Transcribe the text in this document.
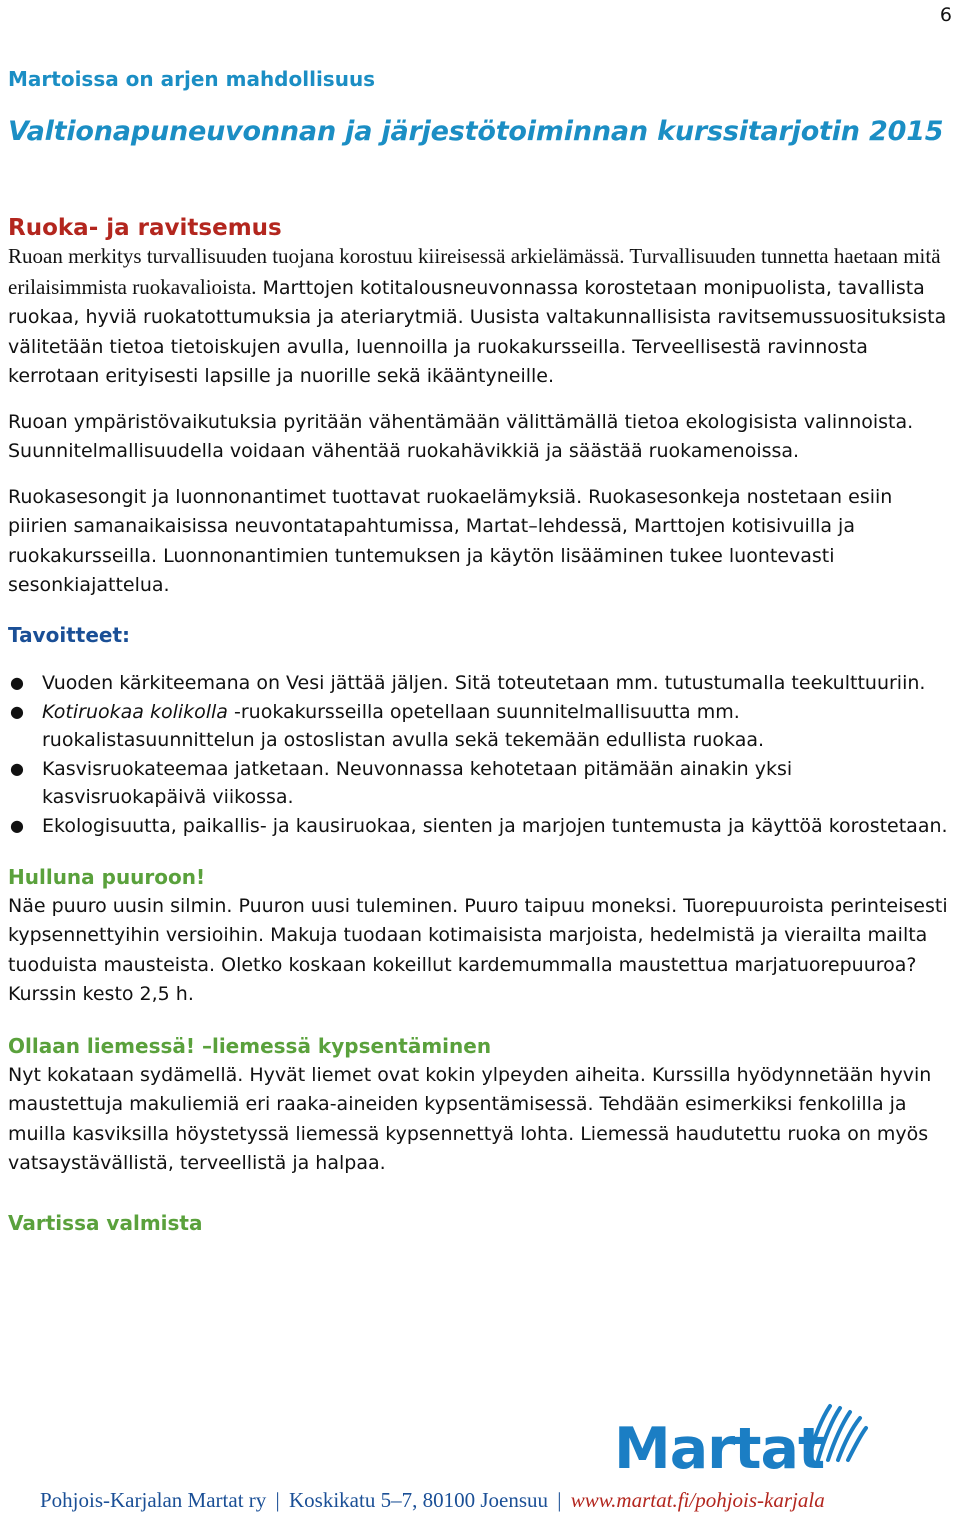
6
Martoissa on arjen mahdollisuus
Valtionapuneuvonnan ja järjestötoiminnan kurssitarjotin 2015
Ruoka- ja ravitsemus

Ruoan merkitys turvallisuuden tuojana korostuu kiireisessä arkielämässä. Turvallisuuden tunnetta haetaan mitä erilaisimmista ruokavalioista. Marttojen kotitalousneuvonnassa korostetaan monipuolista, tavallista ruokaa, hyviä ruokatottumuksia ja ateriarytmiä. Uusista valtakunnallisista ravitsemussuosituksista välitetään tietoa tietoiskujen avulla, luennoilla ja ruokakursseilla. Terveellisestä ravinnosta kerrotaan erityisesti lapsille ja nuorille sekä ikääntyneille.

Ruoan ympäristövaikutuksia pyritään vähentämään välittämällä tietoa ekologisista valinnoista. Suunnitelmallisuudella voidaan vähentää ruokahävikkiä ja säästää ruokamenoissa.

Ruokasesongit ja luonnonantimet tuottavat ruokaelämyksiä. Ruokasesonkeja nostetaan esiin piirien samanaikaisissa neuvontatapahtumissa, Martat–lehdessä, Marttojen kotisivuilla ja ruokakursseilla. Luonnonantimien tuntemuksen ja käytön lisääminen tukee luontevasti sesonkiajattelua.

Tavoitteet:
● Vuoden kärkiteemana on Vesi jättää jäljen. Sitä toteutetaan mm. tutustumalla teekulttuuriin.
● Kotiruokaa kolikolla -ruokakursseilla opetellaan suunnitelmallisuutta mm. ruokalistasuunnittelun ja ostoslistan avulla sekä tekemään edullista ruokaa.
● Kasvisruokateemaa jatketaan. Neuvonnassa kehotetaan pitämään ainakin yksi kasvisruokapäivä viikossa.
● Ekologisuutta, paikallis- ja kausiruokaa, sienten ja marjojen tuntemusta ja käyttöä korostetaan.
Hulluna puuroon!

Näe puuro uusin silmin. Puuron uusi tuleminen. Puuro taipuu moneksi. Tuorepuuroista perinteisesti kypsennettyihin versioihin. Makuja tuodaan kotimaisista marjoista, hedelmistä ja vierailta mailta tuoduista mausteista. Oletko koskaan kokeillut kardemummalla maustettua marjatuorepuuroa? Kurssin kesto 2,5 h.

Ollaan liemessä! –liemessä kypsentäminen

Nyt kokataan sydämellä. Hyvät liemet ovat kokin ylpeyden aiheita. Kurssilla hyödynnetään hyvin maustettuja makuliemiä eri raaka-aineiden kypsentämisessä. Tehdään esimerkiksi fenkolilla ja muilla kasviksilla höystetyssä liemessä kypsennettyä lohta. Liemessä haudutettu ruoka on myös vatsaystävällistä, terveellistä ja halpaa.

Vartissa valmista
Martat
Pohjois-Karjalan Martat ry | Koskikatu 5–7, 80100 Joensuu | www.martat.fi/pohjois-karjala
